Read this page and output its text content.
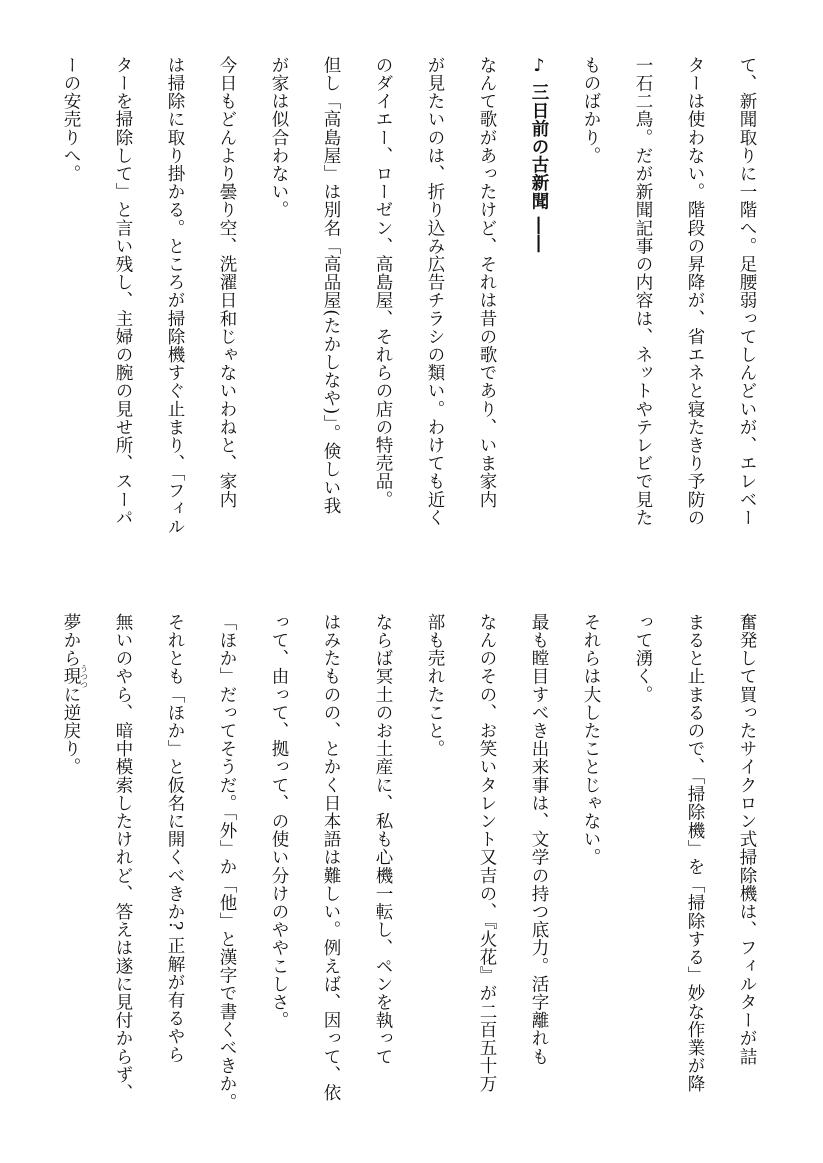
て、新聞取りに一階へ。足腰弱ってしんどいが、エレベー
ターは使わない。階段の昇降が、省エネと寝たきり予防の
一石二鳥。だが新聞記事の内容は、ネットやテレビで見た
ものばかり。
♪ 三日前の古新聞 ――
なんて歌があったけど、それは昔の歌であり、いま家内
が見たいのは、折り込み広告チラシの類い。わけても近く
のダイエー、ローゼン、高島屋、それらの店の特売品。
但し「高島屋」は別名「高品屋(たかしなや)」。倹しい我
が家は似合わない。
今日もどんより曇り空、洗濯日和じゃないわねと、家内
は掃除に取り掛かる。ところが掃除機すぐ止まり、「フィル
ターを掃除して」と言い残し、主婦の腕の見せ所、スーパ
ーの安売りへ。
奮発して買ったサイクロン式掃除機は、フィルターが詰
まると止まるので、「掃除機」を「掃除する」妙な作業が降
って湧く。
それらは大したことじゃない。
最も瞠目すべき出来事は、文学の持つ底力。活字離れも
なんのその、お笑いタレント又吉の、『火花』が二百五十万
部も売れたこと。
ならば冥土のお土産に、私も心機一転し、ペンを執って
はみたものの、とかく日本語は難しい。例えば、因って、依
って、由って、拠って、の使い分けのややこしさ。
「ほか」だってそうだ。「外」か「他」と漢字で書くべきか。
それとも「ほか」と仮名に開くべきか? 正解が有るやら
無いのやら、暗中模索したけれど、答えは遂に見付からず、
夢から現うつつに逆戻り。
